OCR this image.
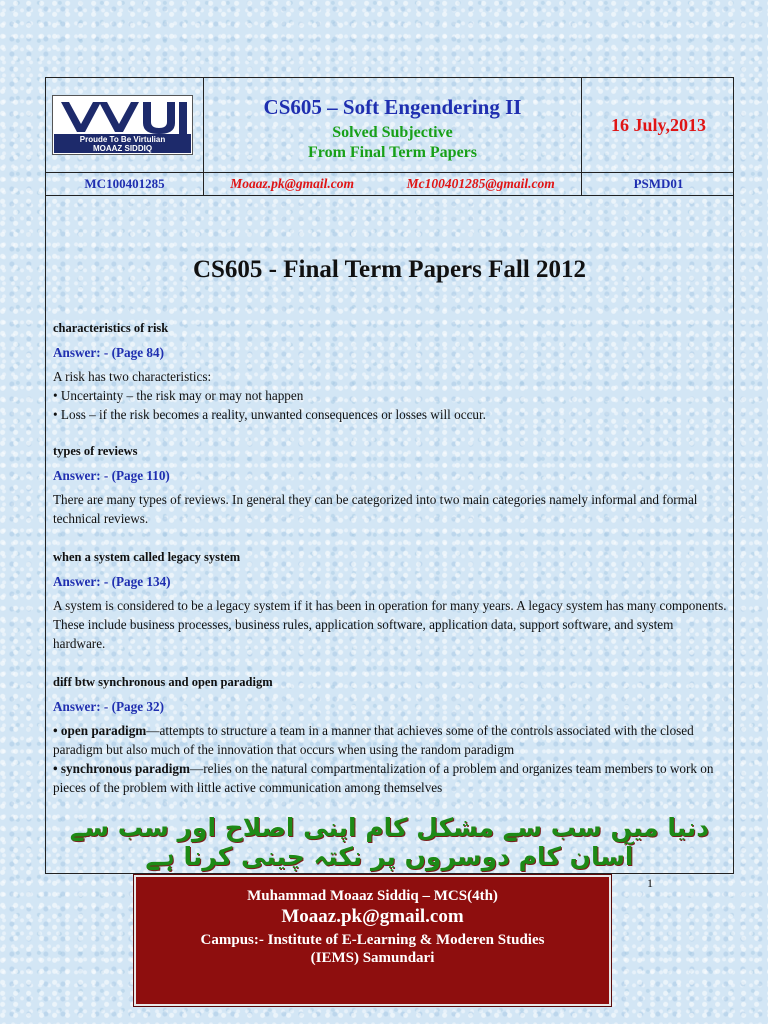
Proude To Be Virtulian
MOAAZ SIDDIQ
CS605 – Soft Engendering II
Solved Subjective
From Final Term Papers
16 July,2013
MC100401285	Moaaz.pk@gmail.com	Mc100401285@gmail.com	PSMD01
CS605 - Final Term Papers Fall 2012
characteristics of risk
Answer: - (Page 84)

A risk has two characteristics:

• Uncertainty – the risk may or may not happen

• Loss – if the risk becomes a reality, unwanted consequences or losses will occur.

types of reviews
Answer: - (Page 110)

There are many types of reviews. In general they can be categorized into two main categories namely informal and formal technical reviews.

when a system called legacy system
Answer: - (Page 134)

A system is considered to be a legacy system if it has been in operation for many years. A legacy system has many components. These include business processes, business rules, application software, application data, support software, and system hardware.

diff btw synchronous and open paradigm
Answer: - (Page 32)

• open paradigm—attempts to structure a team in a manner that achieves some of the controls associated with the closed paradigm but also much of the innovation that occurs when using the random paradigm

• synchronous paradigm—relies on the natural compartmentalization of a problem and organizes team members to work on pieces of the problem with little active communication among themselves

دنیا میں سب سے مشکل کام اپنی اصلاح اور سب سے آسان کام دوسروں پر نکتہ چینی کرنا ہے
1
Muhammad Moaaz Siddiq – MCS(4th)
Moaaz.pk@gmail.com
Campus:- Institute of E-Learning & Moderen Studies
(IEMS) Samundari
